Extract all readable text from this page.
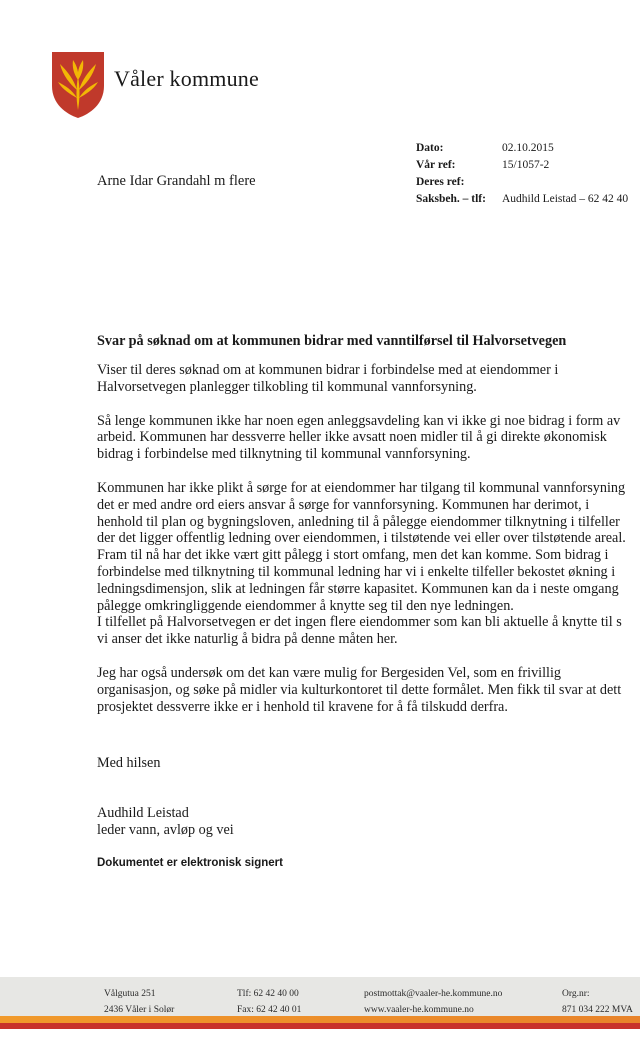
Våler kommune
Arne Idar Grandahl m flere
Dato:	02.10.2015
Vår ref:	15/1057-2
Deres ref:
Saksbeh. – tlf: Audhild Leistad – 62 42 40
Svar på søknad om at kommunen bidrar med vanntilførsel til Halvorsetvegen
Viser til deres søknad om at kommunen bidrar i forbindelse med at eiendommer i
Halvorsetvegen planlegger tilkobling til kommunal vannforsyning.
Så lenge kommunen ikke har noen egen anleggsavdeling kan vi ikke gi noe bidrag i form av
arbeid. Kommunen har dessverre heller ikke avsatt noen midler til å gi direkte økonomisk
bidrag i forbindelse med tilknytning til kommunal vannforsyning.
Kommunen har ikke plikt å sørge for at eiendommer har tilgang til kommunal vannforsyning
det er med andre ord eiers ansvar å sørge for vannforsyning. Kommunen har derimot, i
henhold til plan og bygningsloven, anledning til å pålegge eiendommer tilknytning i tilfeller
der det ligger offentlig ledning over eiendommen, i tilstøtende vei eller over tilstøtende areal.
Fram til nå har det ikke vært gitt pålegg i stort omfang, men det kan komme. Som bidrag i
forbindelse med tilknytning til kommunal ledning har vi i enkelte tilfeller bekostet økning i
ledningsdimensjon, slik at ledningen får større kapasitet. Kommunen kan da i neste omgang
pålegge omkringliggende eiendommer å knytte seg til den nye ledningen.
I tilfellet på Halvorsetvegen er det ingen flere eiendommer som kan bli aktuelle å knytte til s
vi anser det ikke naturlig å bidra på denne måten her.
Jeg har også undersøk om det kan være mulig for Bergesiden Vel, som en frivillig
organisasjon, og søke på midler via kulturkontoret til dette formålet. Men fikk til svar at dett
prosjektet dessverre ikke er i henhold til kravene for å få tilskudd derfra.
Med hilsen
Audhild Leistad
leder vann, avløp og vei
Dokumentet er elektronisk signert
Vålgutua 251
2436 Våler i Solør
Tlf: 62 42 40 00
Fax: 62 42 40 01
postmottak@vaaler-he.kommune.no
www.vaaler-he.kommune.no
Org.nr:
871 034 222 MVA
